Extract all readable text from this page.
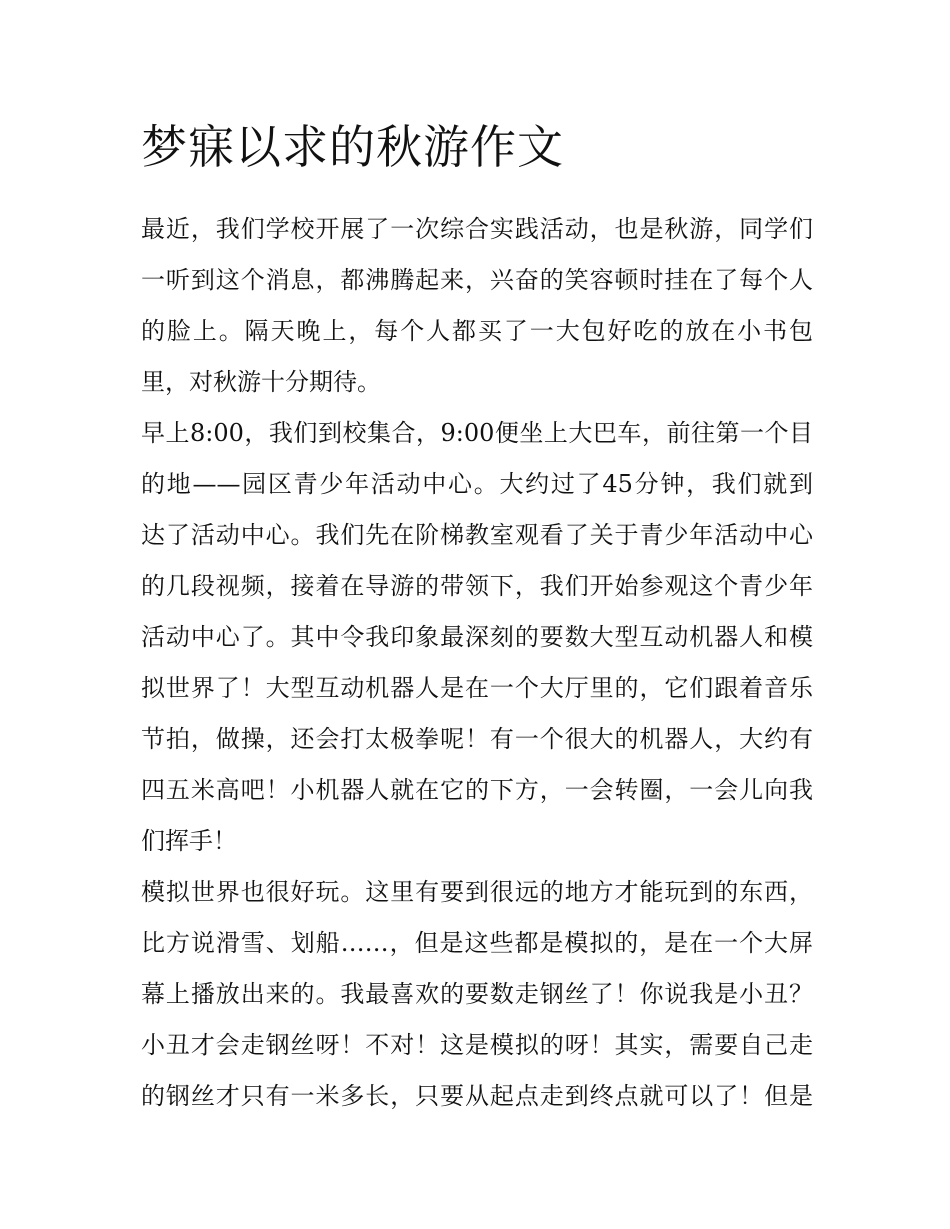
梦寐以求的秋游作文
最近，我们学校开展了一次综合实践活动，也是秋游，同学们
一听到这个消息，都沸腾起来，兴奋的笑容顿时挂在了每个人
的脸上。隔天晚上，每个人都买了一大包好吃的放在小书包
里，对秋游十分期待。
早上8:00，我们到校集合，9:00便坐上大巴车，前往第一个目
的地——园区青少年活动中心。大约过了45分钟，我们就到
达了活动中心。我们先在阶梯教室观看了关于青少年活动中心
的几段视频，接着在导游的带领下，我们开始参观这个青少年
活动中心了。其中令我印象最深刻的要数大型互动机器人和模
拟世界了！大型互动机器人是在一个大厅里的，它们跟着音乐
节拍，做操，还会打太极拳呢！有一个很大的机器人，大约有
四五米高吧！小机器人就在它的下方，一会转圈，一会儿向我
们挥手！
模拟世界也很好玩。这里有要到很远的地方才能玩到的东西，
比方说滑雪、划船……，但是这些都是模拟的，是在一个大屏
幕上播放出来的。我最喜欢的要数走钢丝了！你说我是小丑？
小丑才会走钢丝呀！不对！这是模拟的呀！其实，需要自己走
的钢丝才只有一米多长，只要从起点走到终点就可以了！但是
